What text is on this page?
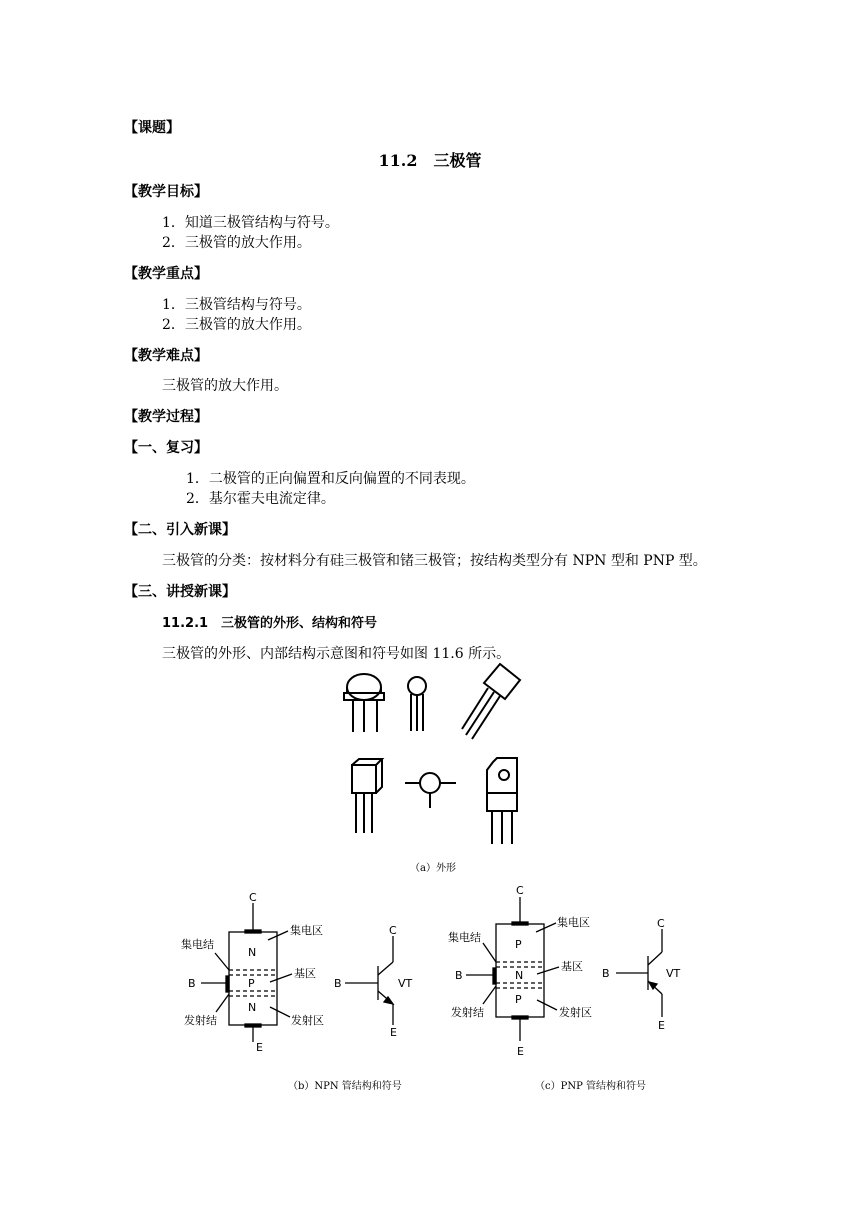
【课题】
11.2　三极管
【教学目标】
1．知道三极管结构与符号。
2．三极管的放大作用。
【教学重点】
1．三极管结构与符号。
2．三极管的放大作用。
【教学难点】
三极管的放大作用。
【教学过程】
【一、复习】
1．二极管的正向偏置和反向偏置的不同表现。
2．基尔霍夫电流定律。
【二、引入新课】
三极管的分类：按材料分有硅三极管和锗三极管；按结构类型分有 NPN 型和 PNP 型。
【三、讲授新课】
11.2.1　三极管的外形、结构和符号
三极管的外形、内部结构示意图和符号如图 11.6 所示。
（a）外形
C
E
B
N
P
N
集电区
集电结
基区
发射结	发射区
C
B
E
VT
C
E
B
P
N
P
集电区
集电结
基区
发射结	发射区
C
B
E
VT
（b）NPN 管结构和符号	（c）PNP 管结构和符号
